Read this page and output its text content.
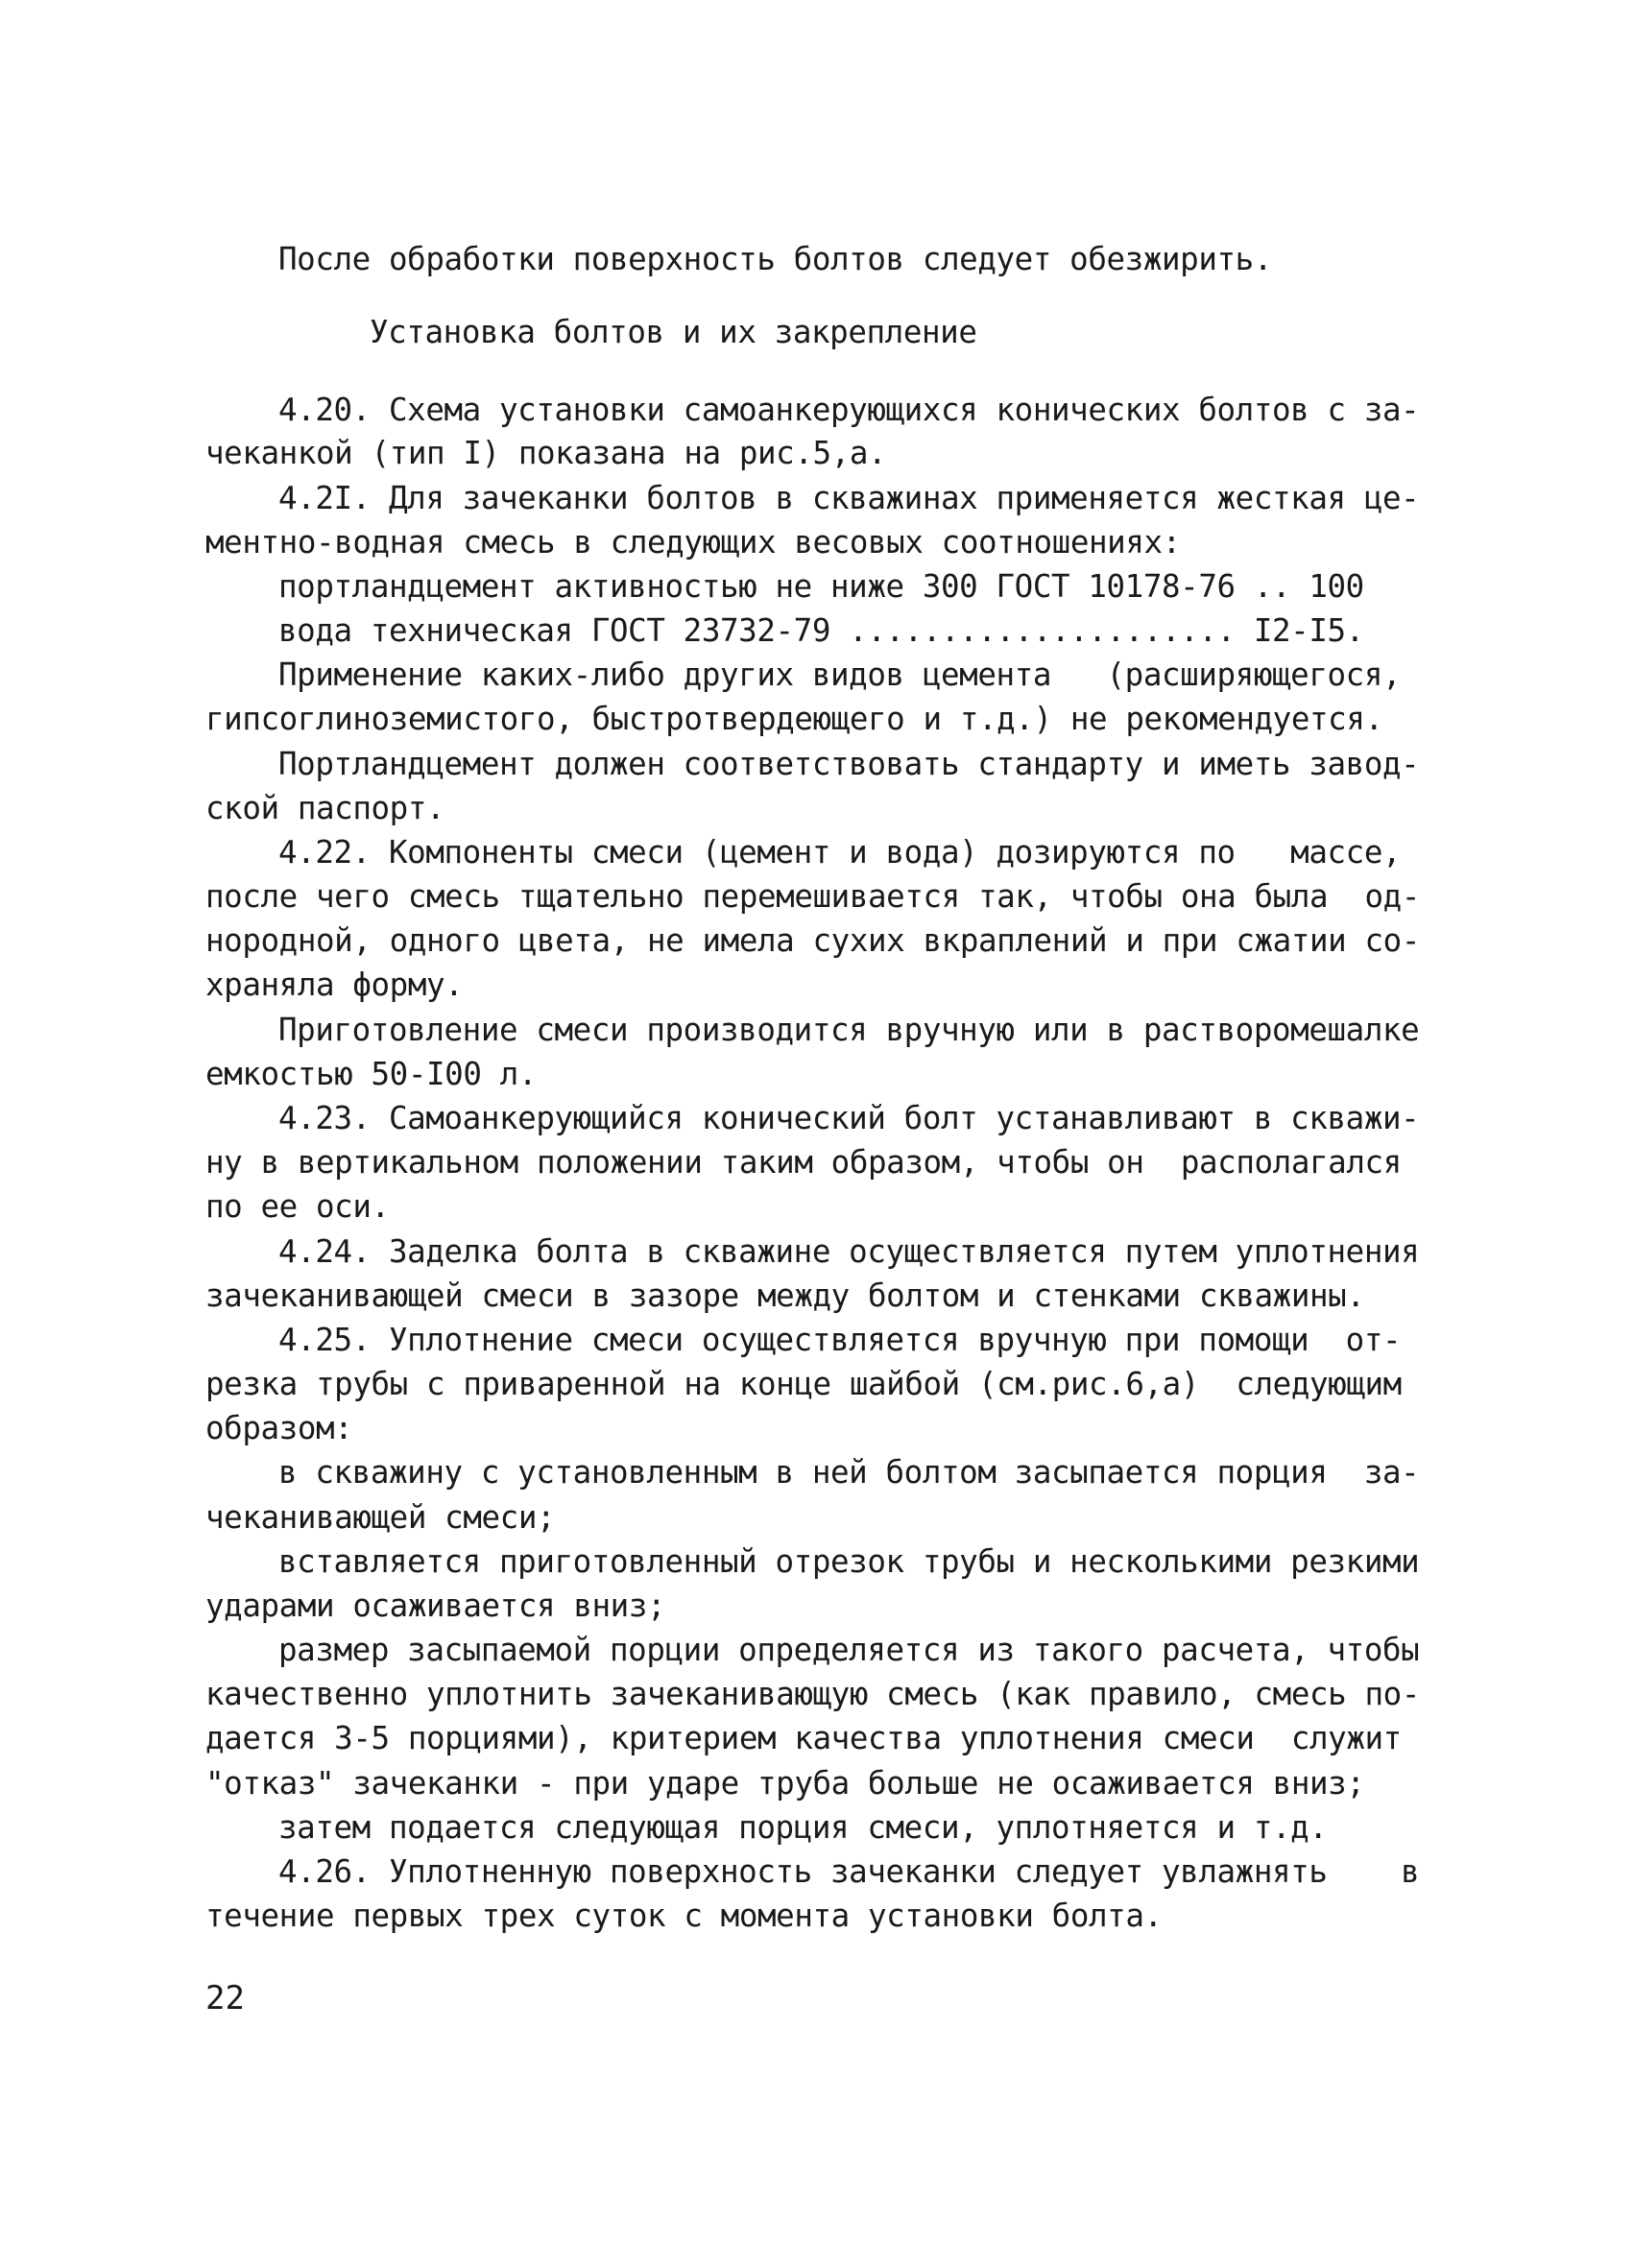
После обработки поверхность болтов следует обезжирить.

Установка болтов и их закрепление

4.20. Схема установки самоанкерующихся конических болтов с за-

чеканкой (тип I) показана на рис.5,а.

4.2I. Для зачеканки болтов в скважинах применяется жесткая це-

ментно-водная смесь в следующих весовых соотношениях:

портландцемент активностью не ниже 300 ГОСТ 10178-76 .. 100

вода техническая ГОСТ 23732-79 ..................... I2-I5.

Применение каких-либо других видов цемента   (расширяющегося,

гипсоглиноземистого, быстротвердеющего и т.д.) не рекомендуется.

Портландцемент должен соответствовать стандарту и иметь завод-

ской паспорт.

4.22. Компоненты смеси (цемент и вода) дозируются по   массе,

после чего смесь тщательно перемешивается так, чтобы она была  од-

нородной, одного цвета, не имела сухих вкраплений и при сжатии со-

храняла форму.

Приготовление смеси производится вручную или в растворомешалке

емкостью 50-I00 л.

4.23. Самоанкерующийся конический болт устанавливают в скважи-

ну в вертикальном положении таким образом, чтобы он  располагался

по ее оси.

4.24. Заделка болта в скважине осуществляется путем уплотнения

зачеканивающей смеси в зазоре между болтом и стенками скважины.

4.25. Уплотнение смеси осуществляется вручную при помощи  от-

резка трубы с приваренной на конце шайбой (см.рис.6,а)  следующим

образом:

в скважину с установленным в ней болтом засыпается порция  за-

чеканивающей смеси;

вставляется приготовленный отрезок трубы и несколькими резкими

ударами осаживается вниз;

размер засыпаемой порции определяется из такого расчета, чтобы

качественно уплотнить зачеканивающую смесь (как правило, смесь по-

дается 3-5 порциями), критерием качества уплотнения смеси  служит

"отказ" зачеканки - при ударе труба больше не осаживается вниз;

затем подается следующая порция смеси, уплотняется и т.д.

4.26. Уплотненную поверхность зачеканки следует увлажнять    в

течение первых трех суток с момента установки болта.

22
